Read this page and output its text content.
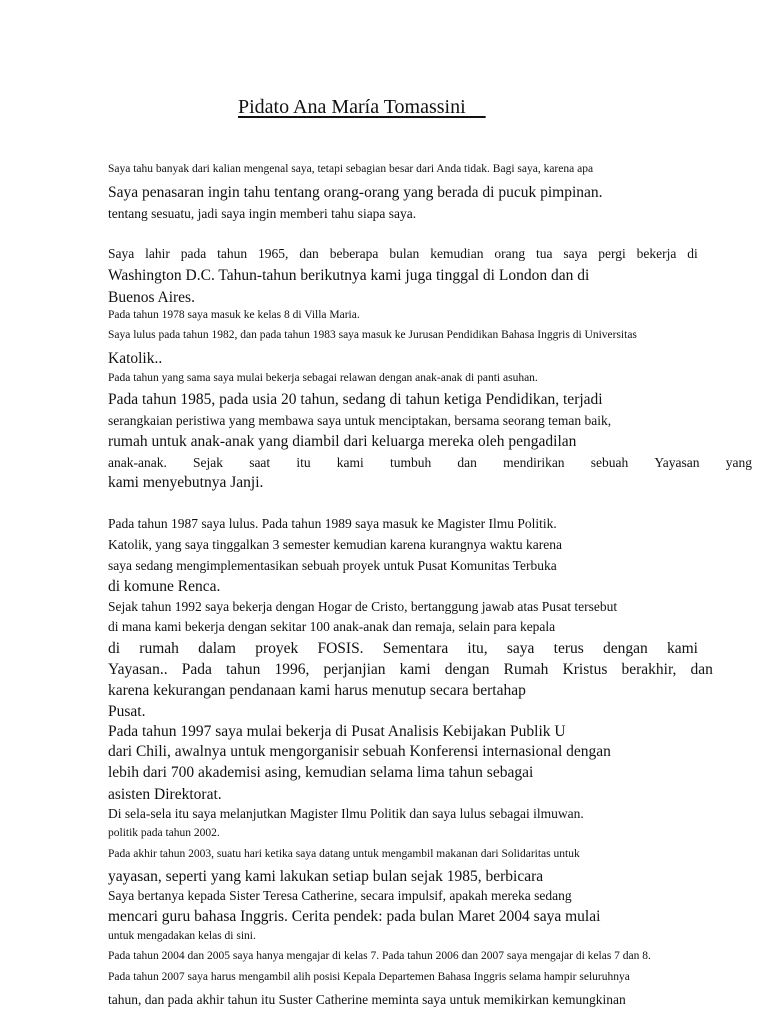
Pidato Ana María Tomassini
Saya tahu banyak dari kalian mengenal saya, tetapi sebagian besar dari Anda tidak. Bagi saya, karena apa
Saya penasaran ingin tahu tentang orang-orang yang berada di pucuk pimpinan.
tentang sesuatu, jadi saya ingin memberi tahu siapa saya.
Saya lahir pada tahun 1965, dan beberapa bulan kemudian orang tua saya pergi bekerja di
Washington D.C. Tahun-tahun berikutnya kami juga tinggal di London dan di
Buenos Aires.
Pada tahun 1978 saya masuk ke kelas 8 di Villa Maria.
Saya lulus pada tahun 1982, dan pada tahun 1983 saya masuk ke Jurusan Pendidikan Bahasa Inggris di Universitas
Katolik..
Pada tahun yang sama saya mulai bekerja sebagai relawan dengan anak-anak di panti asuhan.
Pada tahun 1985, pada usia 20 tahun, sedang di tahun ketiga Pendidikan, terjadi
serangkaian peristiwa yang membawa saya untuk menciptakan, bersama seorang teman baik,
rumah untuk anak-anak yang diambil dari keluarga mereka oleh pengadilan
anak-anak. Sejak saat itu kami tumbuh dan mendirikan sebuah Yayasan yang
kami menyebutnya Janji.
Pada tahun 1987 saya lulus. Pada tahun 1989 saya masuk ke Magister Ilmu Politik.
Katolik, yang saya tinggalkan 3 semester kemudian karena kurangnya waktu karena
saya sedang mengimplementasikan sebuah proyek untuk Pusat Komunitas Terbuka
di komune Renca.
Sejak tahun 1992 saya bekerja dengan Hogar de Cristo, bertanggung jawab atas Pusat tersebut
di mana kami bekerja dengan sekitar 100 anak-anak dan remaja, selain para kepala
di rumah dalam proyek FOSIS. Sementara itu, saya terus dengan kami
Yayasan.. Pada tahun 1996, perjanjian kami dengan Rumah Kristus berakhir, dan
karena kekurangan pendanaan kami harus menutup secara bertahap
Pusat.
Pada tahun 1997 saya mulai bekerja di Pusat Analisis Kebijakan Publik U
dari Chili, awalnya untuk mengorganisir sebuah Konferensi internasional dengan
lebih dari 700 akademisi asing, kemudian selama lima tahun sebagai
asisten Direktorat.
Di sela-sela itu saya melanjutkan Magister Ilmu Politik dan saya lulus sebagai ilmuwan.
politik pada tahun 2002.
Pada akhir tahun 2003, suatu hari ketika saya datang untuk mengambil makanan dari Solidaritas untuk
yayasan, seperti yang kami lakukan setiap bulan sejak 1985, berbicara
Saya bertanya kepada Sister Teresa Catherine, secara impulsif, apakah mereka sedang
mencari guru bahasa Inggris. Cerita pendek: pada bulan Maret 2004 saya mulai
untuk mengadakan kelas di sini.
Pada tahun 2004 dan 2005 saya hanya mengajar di kelas 7. Pada tahun 2006 dan 2007 saya mengajar di kelas 7 dan 8.
Pada tahun 2007 saya harus mengambil alih posisi Kepala Departemen Bahasa Inggris selama hampir seluruhnya
tahun, dan pada akhir tahun itu Suster Catherine meminta saya untuk memikirkan kemungkinan
